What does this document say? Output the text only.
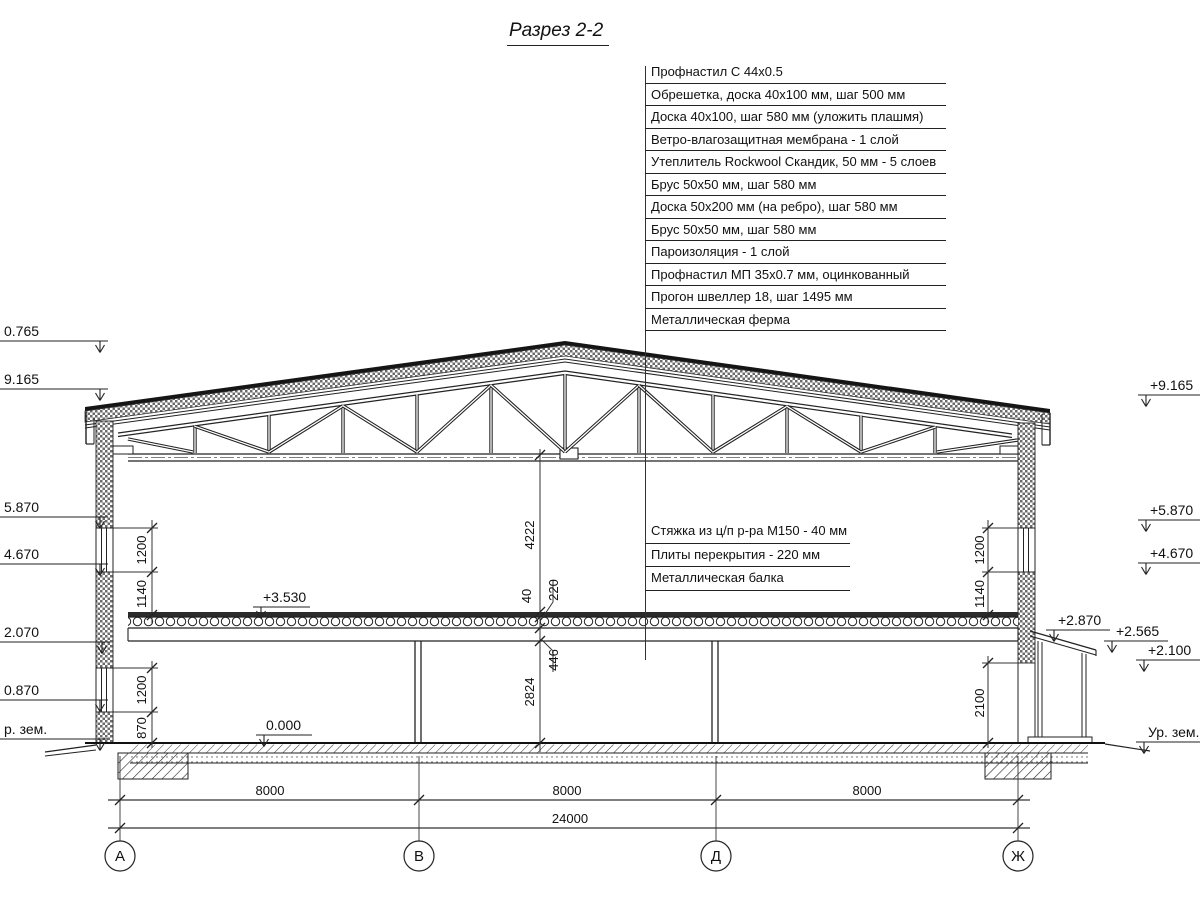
0.765
9.165
5.870
4.670
2.070
0.870
р. зем.
+9.165
+5.870
+4.670
+2.870
+2.565
+2.100
Ур. зем.
+3.530
0.000
1200
1140
1200
870
4222
40 220
446
2824
1200
1140
2100
8000	8000	8000
24000
А	В	Д	Ж
Разрез 2-2
Профнастил С 44х0.5
Обрешетка, доска 40х100 мм, шаг 500 мм
Доска 40х100, шаг 580 мм (уложить плашмя)
Ветро-влагозащитная мембрана - 1 слой
Утеплитель Rockwool Скандик, 50 мм - 5 слоев
Брус 50х50 мм, шаг 580 мм
Доска 50х200 мм (на ребро), шаг 580 мм
Брус 50х50 мм, шаг 580 мм
Пароизоляция - 1 слой
Профнастил МП 35х0.7 мм, оцинкованный
Прогон швеллер 18, шаг 1495 мм
Металлическая ферма
Стяжка из ц/п р-ра М150 - 40 мм
Плиты перекрытия - 220 мм
Металлическая балка
